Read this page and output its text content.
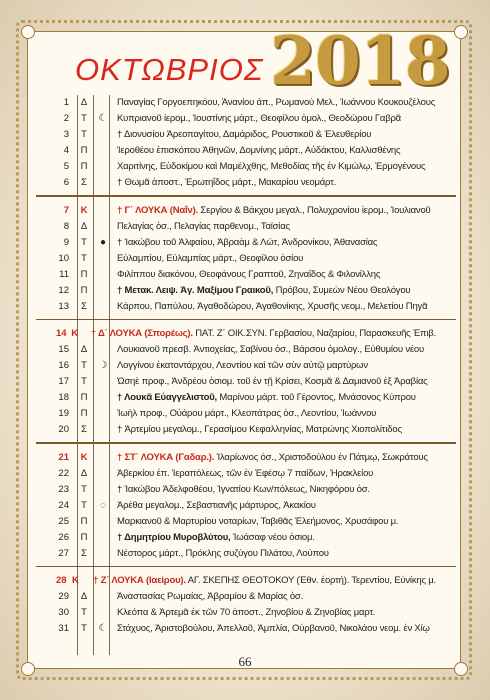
ΟΚΤΩΒΡΙΟΣ 2018
1	Δ	Παναγίας Γοργοεπηκόου, Άνανίου άπ., Ρωμανού Μελ., Ἰωάννου Κουκουζέλους
2	Τ	☾	Κυπριανοῦ ἱερομ., Ἰουστίνης μάρτ., Θεοφίλου ὁμολ., Θεοδώρου Γαβρᾶ
3	Τ	† Διονυσίου Ἀρεοπαγίτου, Δαμάριδος, Ρουστικοῦ & Ἐλευθερίου
4	Π	Ἱεροθέου ἐπισκόπου Ἀθηνῶν, Δομνίνης μάρτ., Αὐδάκτου, Καλλισθένης
5	Π	Χαριτίνης, Εὐδοκίμου καὶ Μαμέλχθης, Μεθοδίας τῆς ἐν Κιμώλῳ, Ἑρμογένους
6	Σ	† Θωμᾶ ἀποστ., Ἐρωτηΐδος μάρτ., Μακαρίου νεομάρτ.
7	Κ	† Γ΄ ΛΟΥΚΑ (Ναΐν). Σεργίου & Βάκχου μεγαλ., Πολυχρονίου ἱερομ., Ἰουλιανοῦ
8	Δ	Πελαγίας ὁσ., Πελαγίας παρθενομ., Ταϊσίας
9	Τ	●	† Ἰακώβου τοῦ Ἀλφαίου, Ἀβραὰμ & Λώτ, Ἀνδρονίκου, Ἀθανασίας
10	Τ	Εὐλαμπίου, Εὐλαμπίας μάρτ., Θεοφίλου ὁσίου
11	Π	Φιλίππου διακόνου, Θεοφάνους Γραπτοῦ, Ζηναΐδος & Φιλονίλλης
12	Π	† Μετακ. Λειψ. Ἁγ. Μαξίμου Γραικοῦ, Πρόβου, Συμεὼν Νέου Θεολόγου
13	Σ	Κάρπου, Παπύλου, Ἀγαθοδώρου, Ἀγαθονίκης, Χρυσῆς νεομ., Μελετίου Πηγᾶ
14 Κ	† Δ΄ ΛΟΥΚΑ (Σπορέως). ΠΑΤ. Ζ΄ ΟΙΚ.ΣΥΝ. Γερβασίου, Ναζαρίου, Παρασκευῆς Ἐπιβ.
15	Δ	Λουκιανοῦ πρεσβ. Ἀντιοχείας, Σαβίνου ὁσ., Βάρσου ὁμολογ., Εὐθυμίου νέου
16	Τ	☽	Λογγίνου ἑκατοντάρχου, Λεοντίου καὶ τῶν σὺν αὐτῷ μαρτύρων
17	Τ	Ὡσηὲ προφ., Ἀνδρέου ὁσιομ. τοῦ ἐν τῇ Κρίσει, Κοσμᾶ & Δαμιανοῦ ἐξ Ἀραβίας
18	Π	† Λουκᾶ Εὐαγγελιστοῦ, Μαρίνου μάρτ. τοῦ Γέροντος, Μνάσονος Κύπρου
19	Π	Ἰωὴλ προφ., Οὐάρου μάρτ., Κλεοπάτρας ὁσ., Λεοντίου, Ἰωάννου
20	Σ	† Ἀρτεμίου μεγαλομ., Γερασίμου Κεφαλληνίας, Ματρώνης Χιοπολίτιδος
21	Κ	† ΣΤ΄ ΛΟΥΚΑ (Γαδαρ.). Ἱλαρίωνος ὁσ., Χριστοδούλου ἐν Πάτμῳ, Σωκράτους
22	Δ	Ἀβερκίου ἐπ. Ἱεραπόλεως, τῶν ἐν Ἐφέσῳ 7 παίδων, Ἡρακλείου
23	Τ	† Ἰακώβου Ἀδελφοθέου, Ἰγνατίου Κων/πόλεως, Νικηφόρου ὁσ.
24	Τ	◌	Ἀρέθα μεγαλομ., Σεβαστιανῆς μάρτυρος, Ἀκακίου
25	Π	Μαρκιανοῦ & Μαρτυρίου νοταρίων, Ταβιθᾶς Ἐλεήμονος, Χρυσάφου μ.
26	Π	† Δημητρίου Μυροβλύτου, Ἰωάσαφ νέου ὁσιομ.
27	Σ	Νέστορος μάρτ., Πρόκλης συζύγου Πιλάτου, Λούπου
28 Κ	† Ζ΄ ΛΟΥΚΑ (Ιαείρου). ΑΓ. ΣΚΕΠΗΣ ΘΕΟΤΟΚΟΥ (Ἐθν. ἑορτή). Τερεντίου, Εὐνίκης μ.
29	Δ	Ἀναστασίας Ρωμαίας, Ἀβραμίου & Μαρίας ὁσ.
30	Τ	Κλεόπα & Ἀρτεμᾶ ἐκ τῶν 70 ἀποστ., Ζηνοβίου & Ζηνοβίας μαρτ.
31	Τ	☾	Στάχυος, Ἀριστοβούλου, Ἀπελλοῦ, Ἀμπλία, Οὐρβανοῦ, Νικολάου νεομ. ἐν Χίῳ
66
